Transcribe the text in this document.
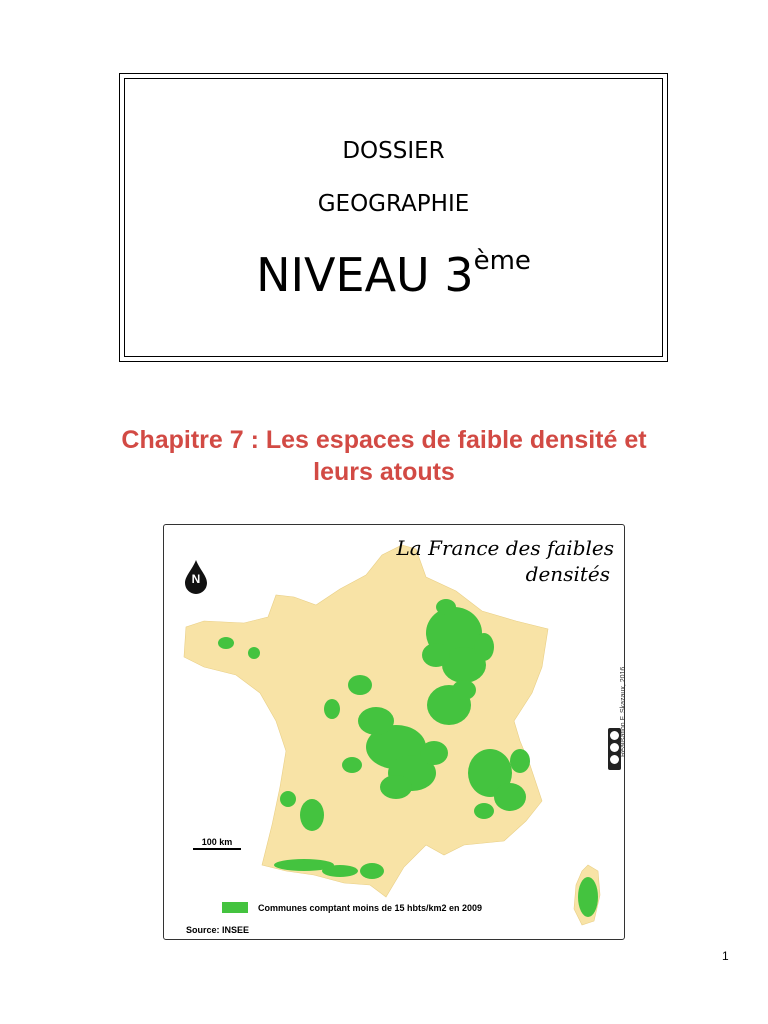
DOSSIER
GEOGRAPHIE
NIVEAU 3ème
Chapitre 7 : Les espaces de faible densité et
leurs atouts
La France des faibles

densités
N
100 km
Réalisation F. Skazaux, 2016
Communes comptant moins de 15 hbts/km2 en 2009
Source: INSEE
1
